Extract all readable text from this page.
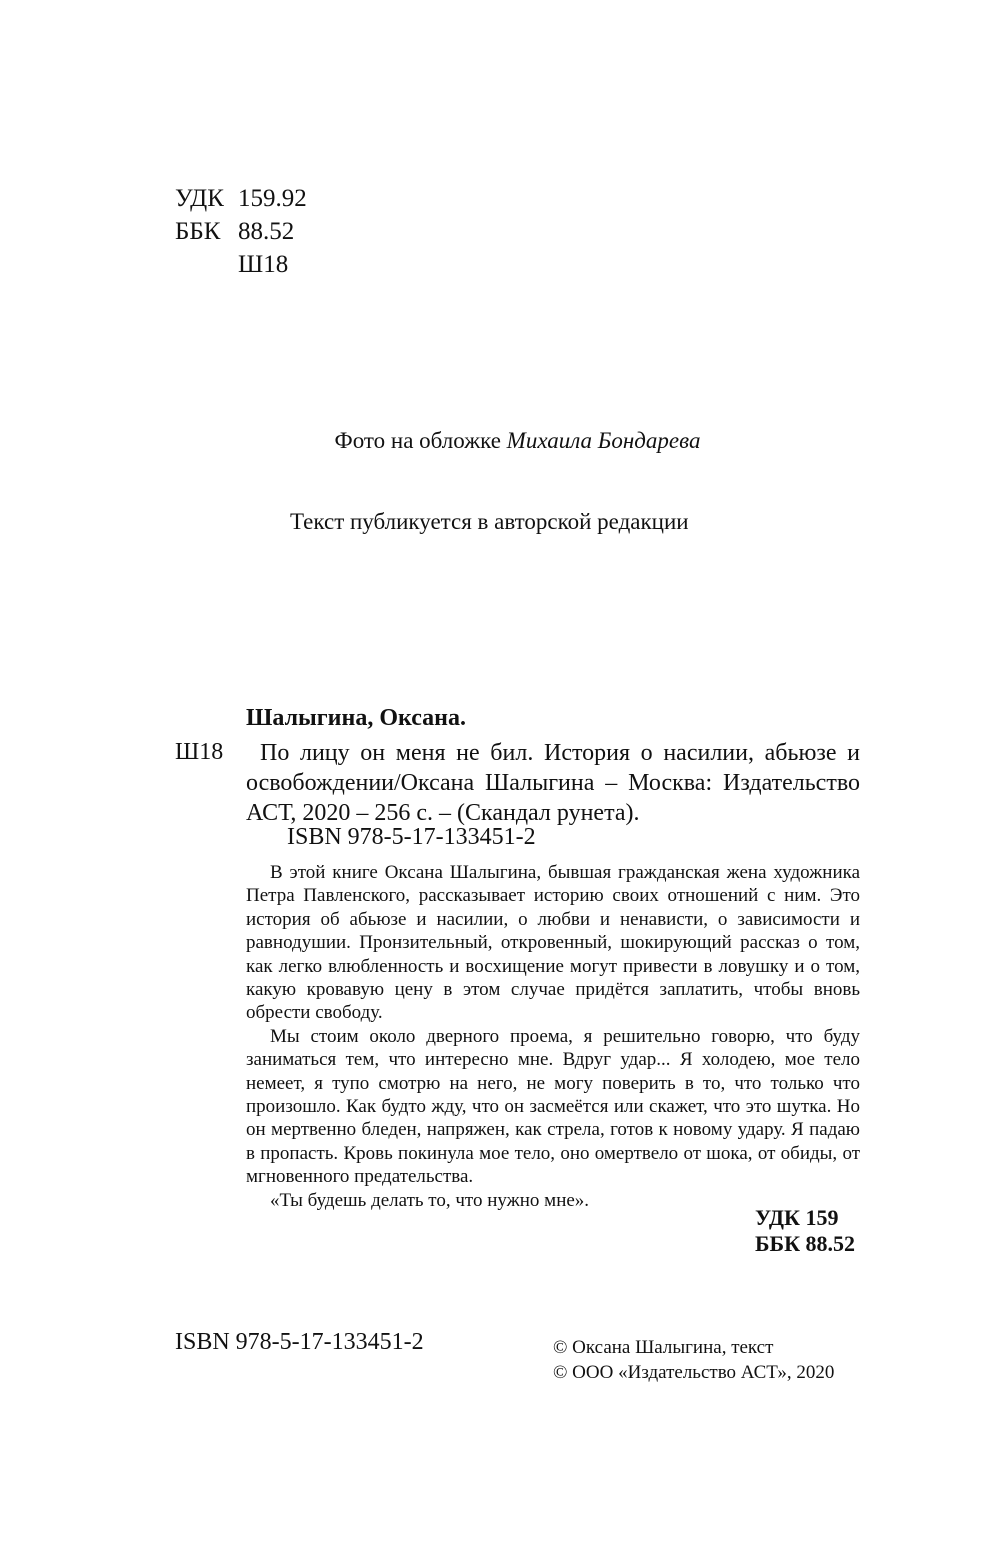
УДК 159.92
ББК 88.52
Ш18
Фото на обложке Михаила Бондарева
Текст публикуется в авторской редакции
Шалыгина, Оксана.
Ш18	По лицу он меня не бил. История о насилии, абьюзе и освобождении/Оксана Шалыгина – Москва: Издательство АСТ, 2020 – 256 с. – (Скандал рунета).
ISBN 978-5-17-133451-2

В этой книге Оксана Шалыгина, бывшая гражданская жена художника Петра Павленского, рассказывает историю своих отношений с ним. Это история об абьюзе и насилии, о любви и ненависти, о зависимости и равнодушии. Пронзительный, откровенный, шокирующий рассказ о том, как легко влюбленность и восхищение могут привести в ловушку и о том, какую кровавую цену в этом случае придётся заплатить, чтобы вновь обрести свободу.

Мы стоим около дверного проема, я решительно говорю, что буду заниматься тем, что интересно мне. Вдруг удар... Я холодею, мое тело немеет, я тупо смотрю на него, не могу поверить в то, что только что произошло. Как будто жду, что он засмеётся или скажет, что это шутка. Но он мертвенно бледен, напряжен, как стрела, готов к новому удару. Я падаю в пропасть. Кровь покинула мое тело, оно омертвело от шока, от обиды, от мгновенного предательства.

«Ты будешь делать то, что нужно мне».

УДК 159
ББК 88.52
ISBN 978-5-17-133451-2	© Оксана Шалыгина, текст
© ООО «Издательство АСТ», 2020
